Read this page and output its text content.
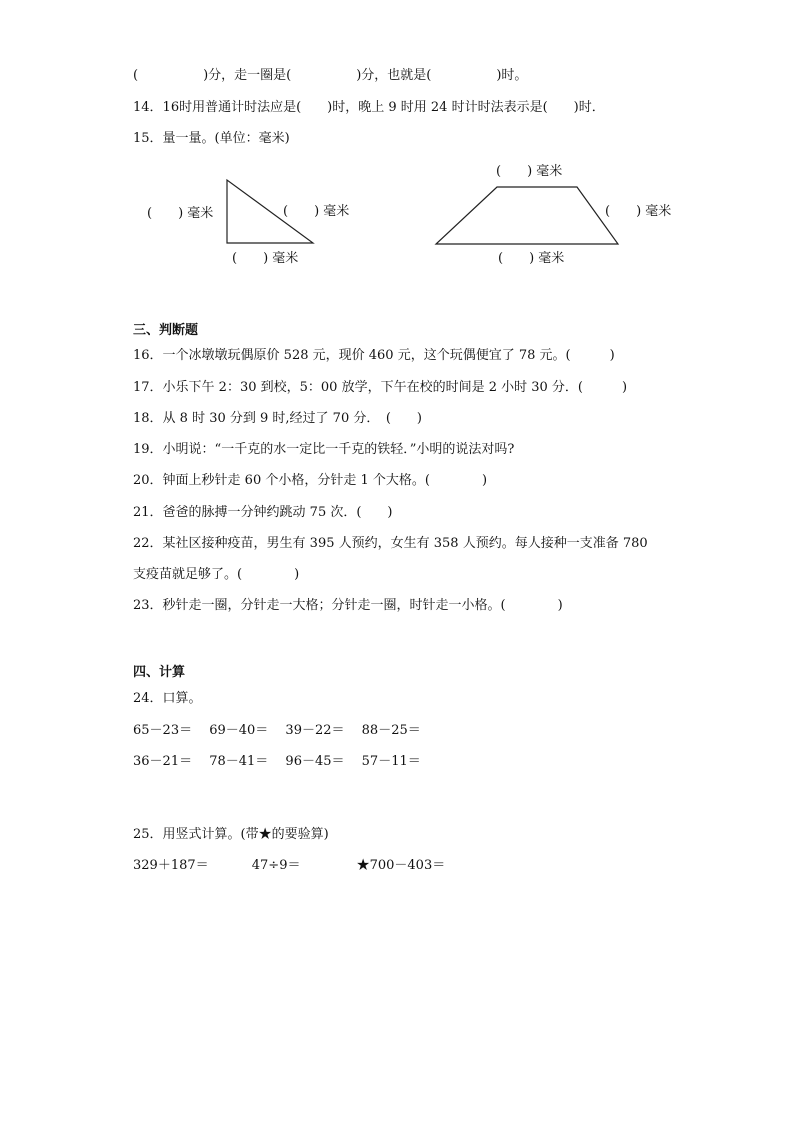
(　　　　　)分，走一圈是(　　　　　)分，也就是(　　　　　)时。
14．16时用普通计时法应是(　　)时，晚上 9 时用 24 时计时法表示是(　　)时．
15．量一量。(单位：毫米)
(　　) 毫米	(　　) 毫米
(　　) 毫米
(　　) 毫米
(　　) 毫米
(　　) 毫米
三、判断题
16．一个冰墩墩玩偶原价 528 元，现价 460 元，这个玩偶便宜了 78 元。(　　　)
17．小乐下午 2：30 到校，5：00 放学，下午在校的时间是 2 小时 30 分．(　　　)
18．从 8 时 30 分到 9 时,经过了 70 分．　(　　)
19．小明说：“一千克的水一定比一千克的铁轻．”小明的说法对吗?
20．钟面上秒针走 60 个小格，分针走 1 个大格。(　　　　)
21．爸爸的脉搏一分钟约跳动 75 次．(　　)
22．某社区接种疫苗，男生有 395 人预约，女生有 358 人预约。每人接种一支准备 780
支疫苗就足够了。(　　　　)
23．秒针走一圈，分针走一大格；分针走一圈，时针走一小格。(　　　　)
四、计算
24．口算。
65－23＝　 69－40＝　 39－22＝　 88－25＝
36－21＝　 78－41＝　 96－45＝　 57－11＝
25．用竖式计算。(带★的要验算)
329＋187＝　　　 47÷9＝　　　　 ★700－403＝
